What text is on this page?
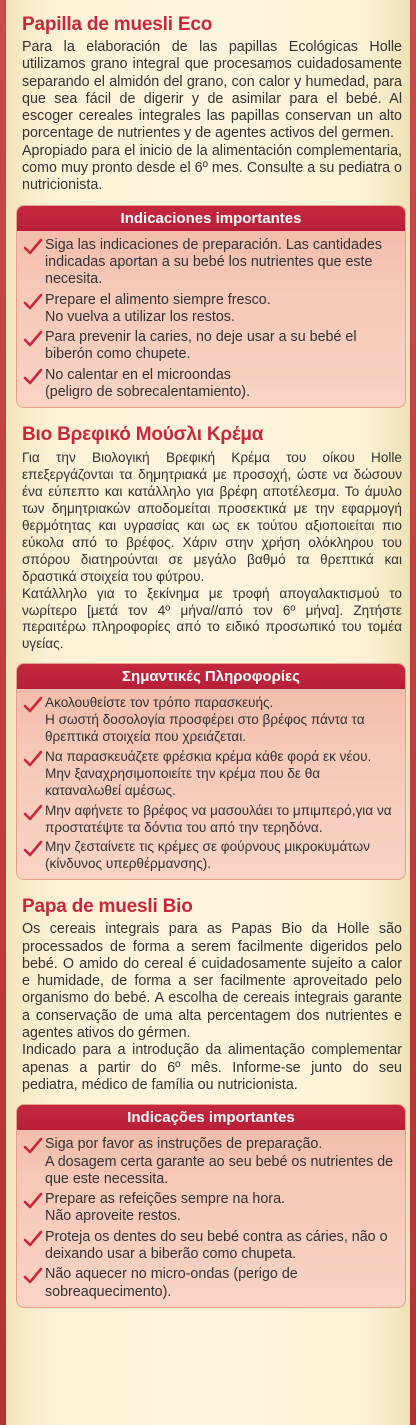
Papilla de muesli Eco
Para la elaboración de las papillas Ecológicas Holle utilizamos grano integral que procesamos cuidadosamente separando el almidón del grano, con calor y humedad, para que sea fácil de digerir y de asimilar para el bebé. Al escoger cereales integrales las papillas conservan un alto porcentage de nutrientes y de agentes activos del germen.
Apropiado para el inicio de la alimentación complementaria, como muy pronto desde el 6º mes. Consulte a su pediatra o nutricionista.
Indicaciones importantes
Siga las indicaciones de preparación. Las cantidades indicadas aportan a su bebé los nutrientes que este necesita.
Prepare el alimento siempre fresco.
No vuelva a utilizar los restos.
Para prevenir la caries, no deje usar a su bebé el biberón como chupete.
No calentar en el microondas
(peligro de sobrecalentamiento).
Βιο Βρεφικό Μούσλι Κρέμα
Για την Βιολογική Βρεφική Κρέμα του οίκου Holle επεξεργάζονται τα δημητριακά με προσοχή, ώστε να δώσουν ένα εύπεπτο και κατάλληλο για βρέφη αποτέλεσμα. Το άμυλο των δημητριακών αποδομείται προσεκτικά με την εφαρμογή θερμότητας και υγρασίας και ως εκ τούτου αξιοποιείται πιο εύκολα από το βρέφος. Χάριν στην χρήση ολόκληρου του σπόρου διατηρούνται σε μεγάλο βαθμό τα θρεπτικά και δραστικά στοιχεία του φύτρου.
Κατάλληλο για το ξεκίνημα με τροφή απογαλακτισμού το νωρίτερο [μετά τον 4º μήνα//από τον 6º μήνα]. Ζητήστε περαιτέρω πληροφορίες από το ειδικό προσωπικό του τομέα υγείας.
Σημαντικές Πληροφορίες
Ακολουθείστε τον τρόπο παρασκευής.
Η σωστή δοσολογία προσφέρει στο βρέφος πάντα τα θρεπτικά στοιχεία που χρειάζεται.
Να παρασκευάζετε φρέσκια κρέμα κάθε φορά εκ νέου. Μην ξαναχρησιμοποιείτε την κρέμα που δε θα καταναλωθεί αμέσως.
Μην αφήνετε το βρέφος να μασουλάει το μπιμπερό,για να προστατέψτε τα δόντια του από την τερηδόνα.
Μην ζεσταίνετε τις κρέμες σε φούρνους μικροκυμάτων (κίνδυνος υπερθέρμανσης).
Papa de muesli Bio
Os cereais integrais para as Papas Bio da Holle são processados de forma a serem facilmente digeridos pelo bebé. O amido do cereal é cuidadosamente sujeito a calor e humidade, de forma a ser facilmente aproveitado pelo organismo do bebé. A escolha de cereais integrais garante a conservação de uma alta percentagem dos nutrientes e agentes ativos do gérmen.
Indicado para a introdução da alimentação complementar apenas a partir do 6º mês. Informe-se junto do seu pediatra, médico de família ou nutricionista.
Indicações importantes
Siga por favor as instruções de preparação.
A dosagem certa garante ao seu bebé os nutrientes de que este necessita.
Prepare as refeições sempre na hora.
Não aproveite restos.
Proteja os dentes do seu bebé contra as cáries, não o deixando usar a biberão como chupeta.
Não aquecer no micro-ondas (perigo de sobreaquecimento).
